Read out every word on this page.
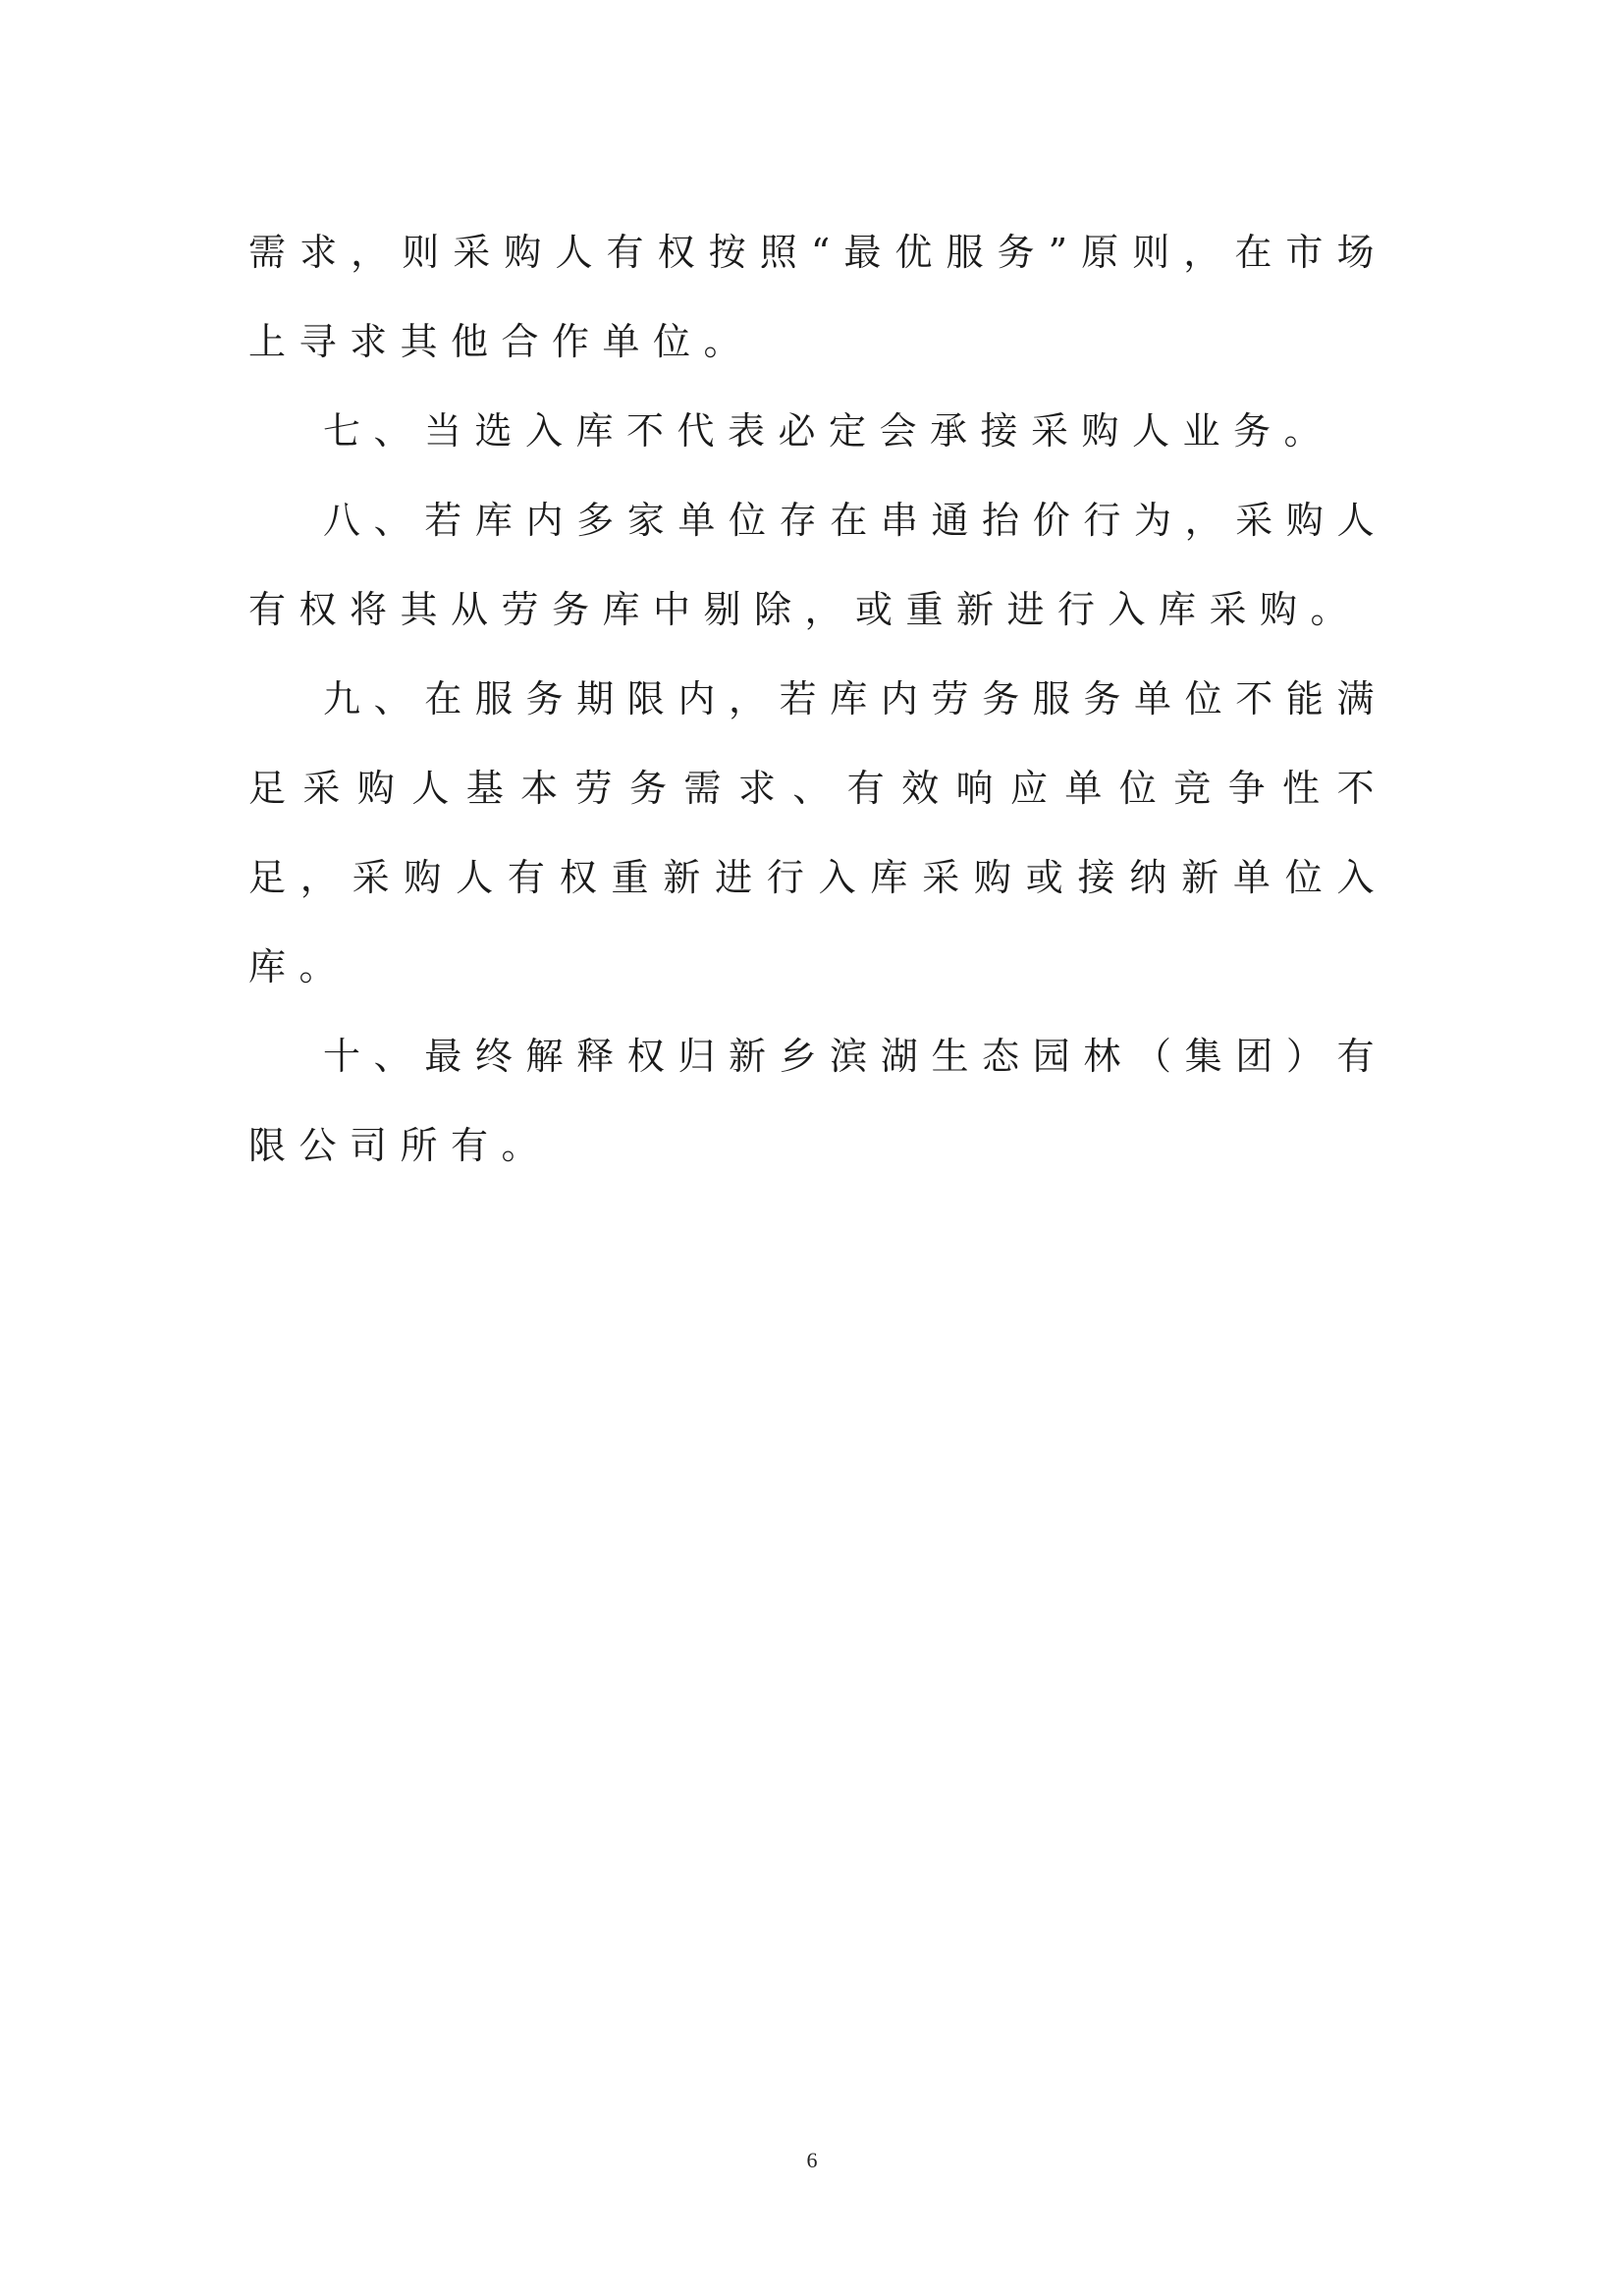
需求，则采购人有权按照“最优服务”原则，在市场上寻求其他合作单位。

七、当选入库不代表必定会承接采购人业务。

八、若库内多家单位存在串通抬价行为，采购人有权将其从劳务库中剔除，或重新进行入库采购。

九、在服务期限内，若库内劳务服务单位不能满足采购人基本劳务需求、有效响应单位竞争性不足，采购人有权重新进行入库采购或接纳新单位入库。

十、最终解释权归新乡滨湖生态园林（集团）有限公司所有。

6
